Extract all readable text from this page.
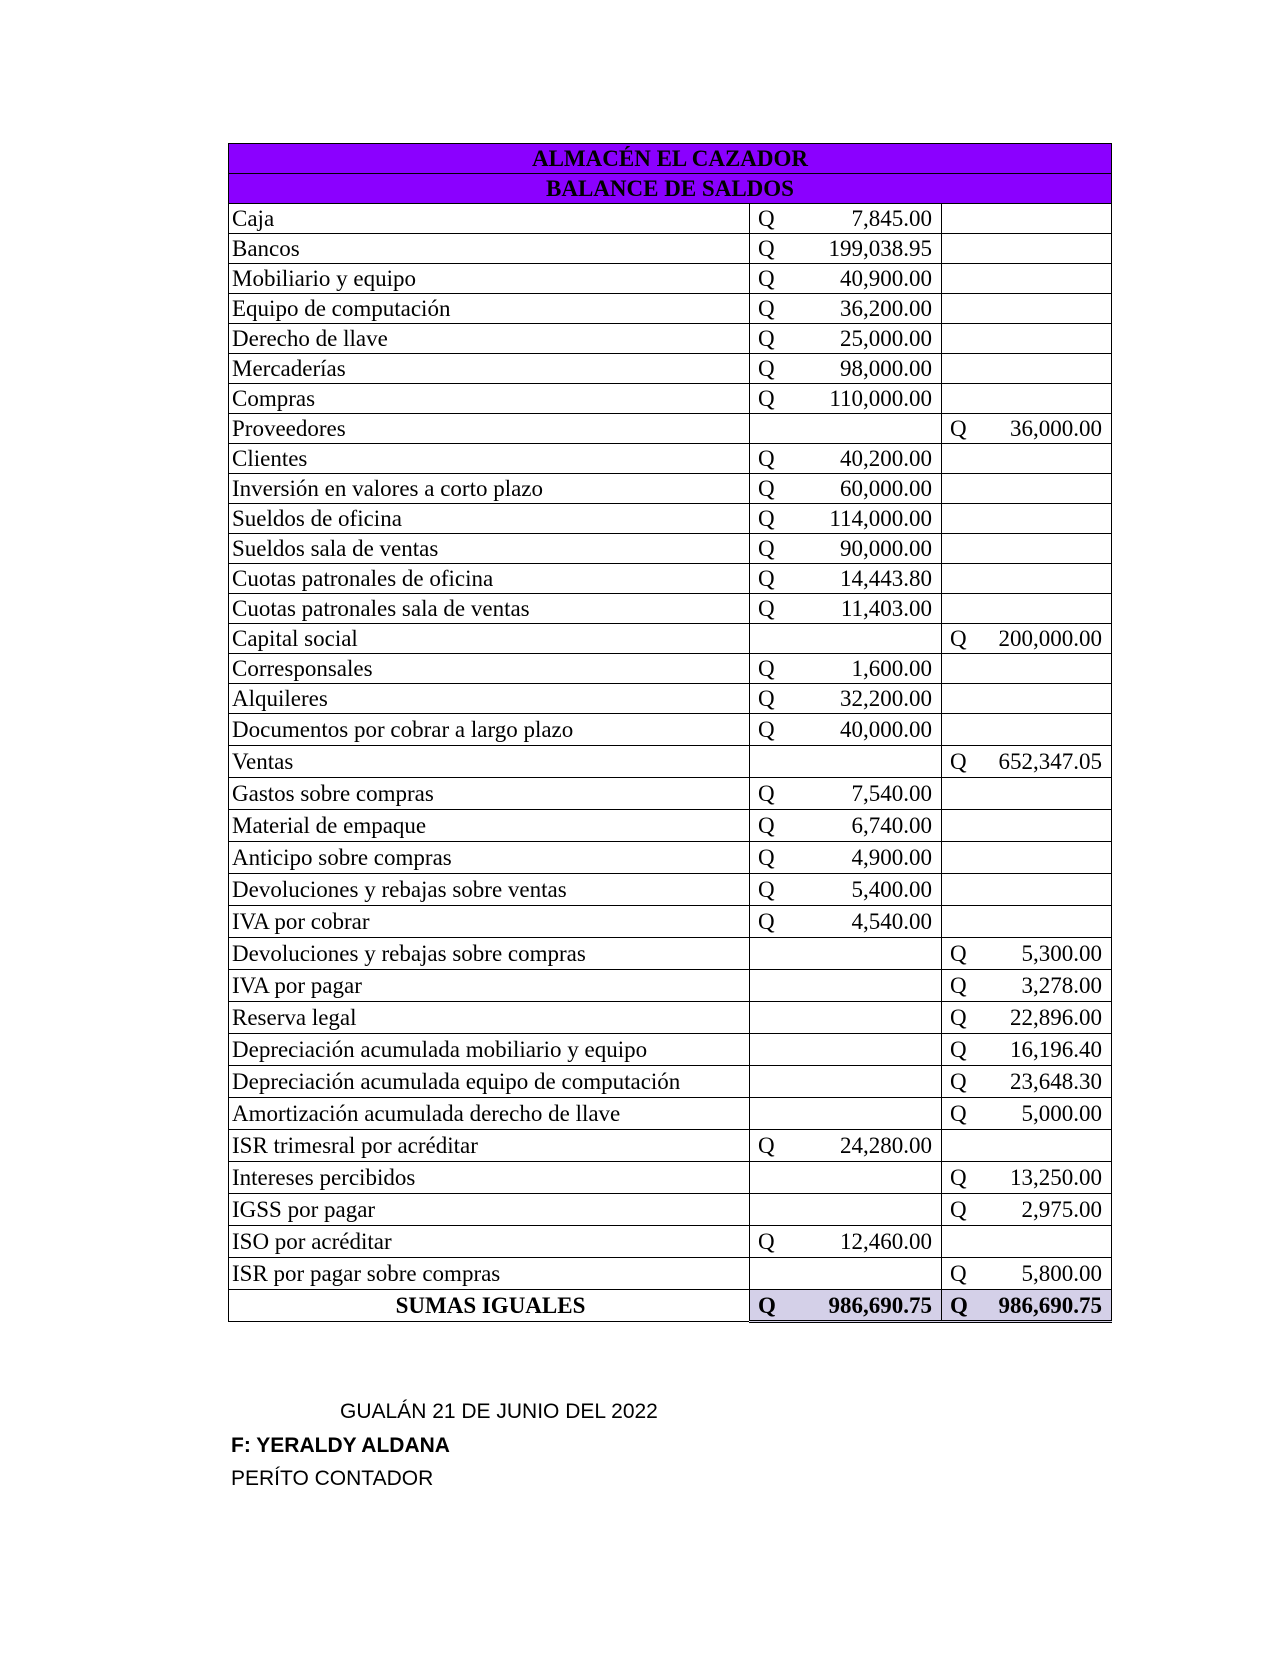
ALMACÉN EL CAZADOR		
BALANCE DE SALDOS		
Caja	Q 7,845.00	

Bancos	Q 199,038.95	

Mobiliario y equipo	Q 40,900.00	

Equipo de computación	Q 36,200.00	

Derecho de llave	Q 25,000.00	

Mercaderías	Q 98,000.00	

Compras	Q 110,000.00	

Proveedores		Q 36,000.00

Clientes	Q 40,200.00	

Inversión en valores a corto plazo	Q 60,000.00	

Sueldos de oficina	Q 114,000.00	

Sueldos sala de ventas	Q 90,000.00	

Cuotas patronales de oficina	Q 14,443.80	

Cuotas patronales sala de ventas	Q 11,403.00	

Capital social		Q 200,000.00

Corresponsales	Q 1,600.00	

Alquileres	Q 32,200.00	

Documentos por cobrar a largo plazo	Q 40,000.00	

Ventas		Q 652,347.05

Gastos sobre compras	Q 7,540.00	

Material de empaque	Q 6,740.00	

Anticipo sobre compras	Q 4,900.00	

Devoluciones y rebajas sobre ventas	Q 5,400.00	

IVA por cobrar	Q 4,540.00	

Devoluciones y rebajas sobre compras		Q 5,300.00

IVA por pagar		Q 3,278.00

Reserva legal		Q 22,896.00

Depreciación acumulada mobiliario y equipo		Q 16,196.40

Depreciación acumulada equipo de computación		Q 23,648.30

Amortización acumulada derecho de llave		Q 5,000.00

ISR trimesral por acréditar	Q 24,280.00	

Intereses percibidos		Q 13,250.00

IGSS por pagar		Q 2,975.00

ISO por acréditar	Q 12,460.00	

ISR por pagar sobre compras		Q 5,800.00

SUMAS IGUALES	Q 986,690.75	Q 986,690.75
GUALÁN 21 DE JUNIO DEL 2022
F: YERALDY ALDANA
PERÍTO CONTADOR
